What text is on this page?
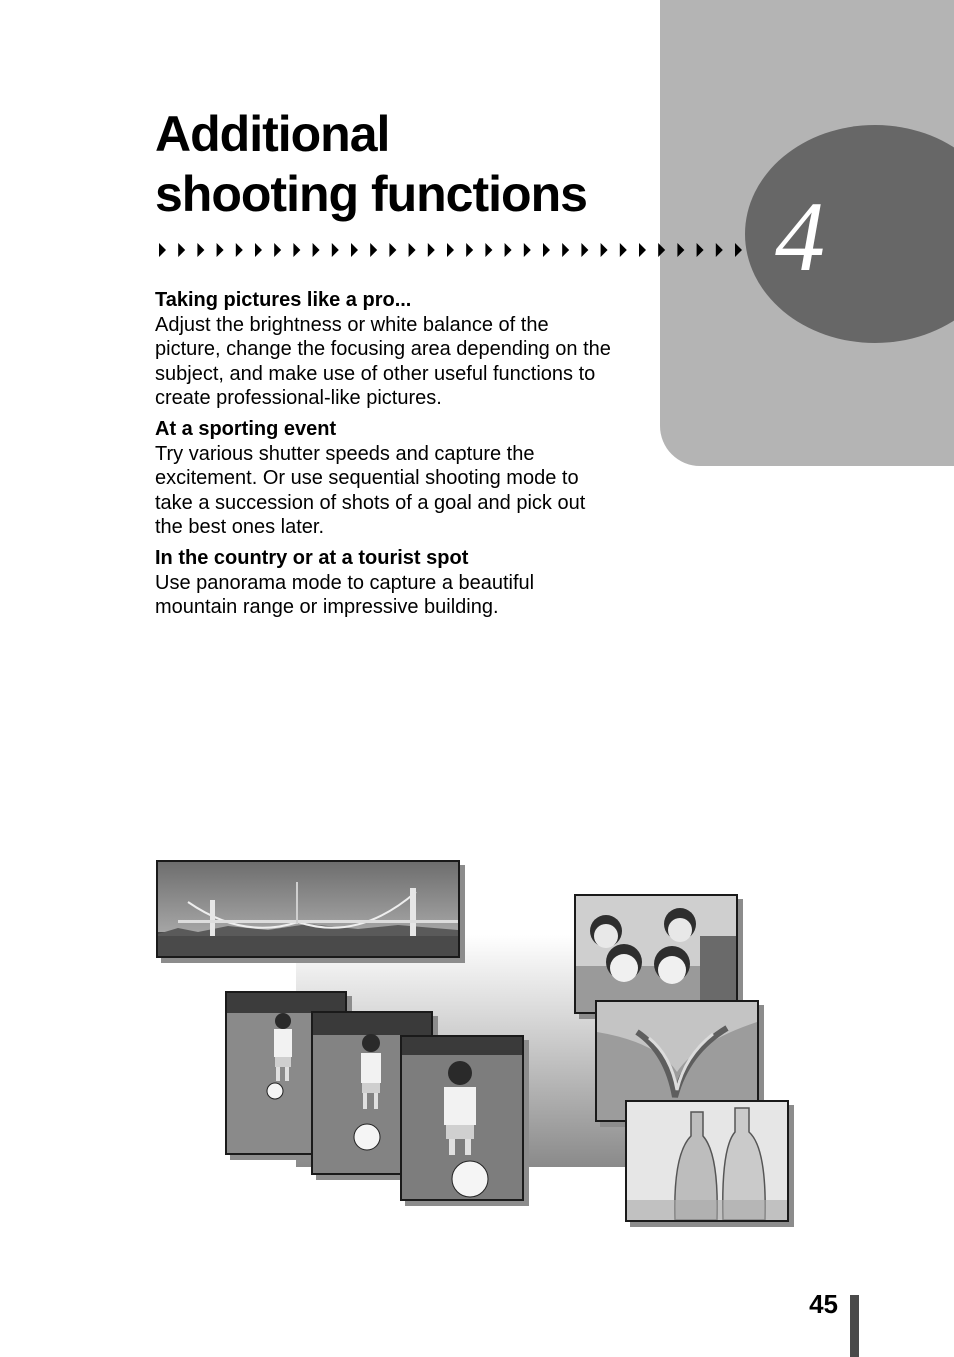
4
Additional
shooting functions
Taking pictures like a pro...

Adjust the brightness or white balance of the picture, change the focusing area depending on the subject, and make use of other useful functions to create professional-like pictures.

At a sporting event

Try various shutter speeds and capture the excitement. Or use sequential shooting mode to take a succession of shots of a goal and pick out the best ones later.

In the country or at a tourist spot

Use panorama mode to capture a beautiful mountain range or impressive building.

45
